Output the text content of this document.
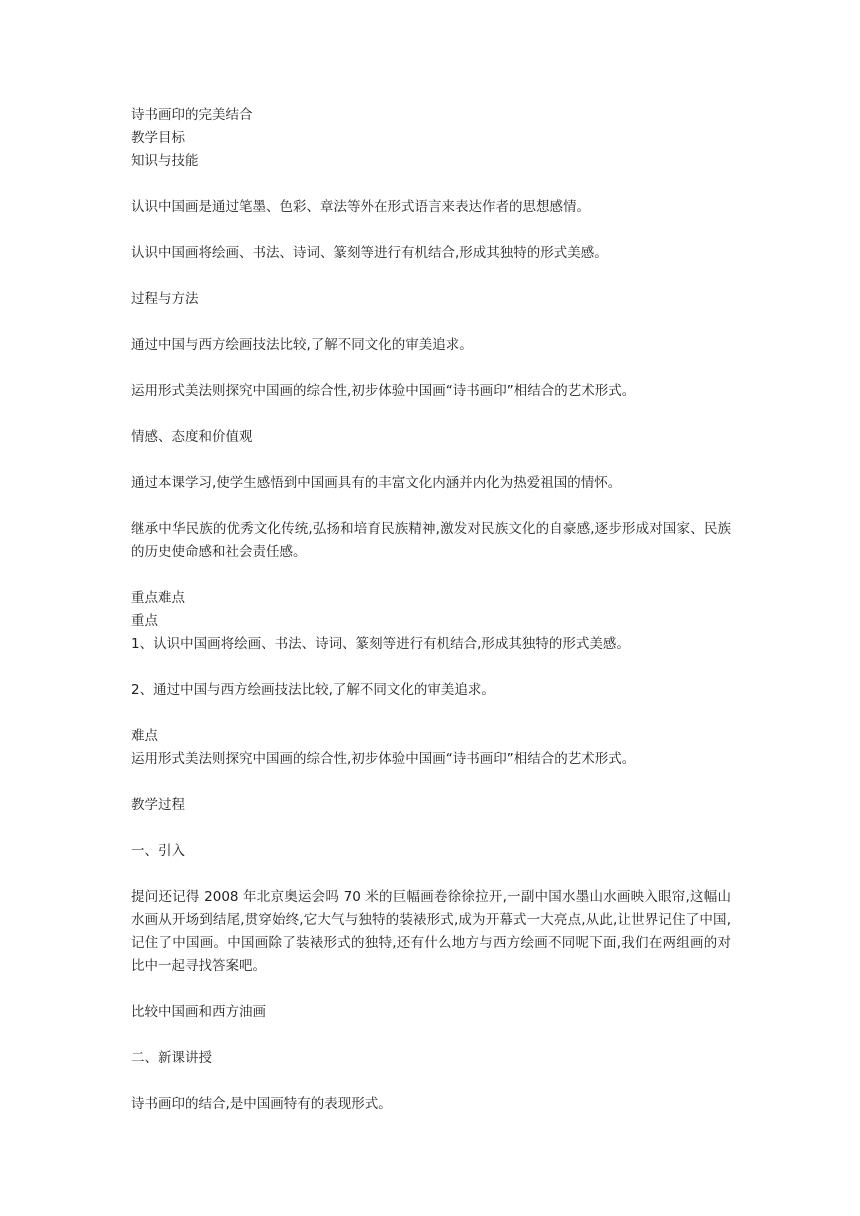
诗书画印的完美结合

教学目标

知识与技能

认识中国画是通过笔墨、色彩、章法等外在形式语言来表达作者的思想感情。

认识中国画将绘画、书法、诗词、篆刻等进行有机结合,形成其独特的形式美感。

过程与方法

通过中国与西方绘画技法比较,了解不同文化的审美追求。

运用形式美法则探究中国画的综合性,初步体验中国画“诗书画印”相结合的艺术形式。

情感、态度和价值观

通过本课学习,使学生感悟到中国画具有的丰富文化内涵并内化为热爱祖国的情怀。

继承中华民族的优秀文化传统,弘扬和培育民族精神,激发对民族文化的自豪感,逐步形成对国家、民族的历史使命感和社会责任感。

重点难点

重点

1、认识中国画将绘画、书法、诗词、篆刻等进行有机结合,形成其独特的形式美感。

2、通过中国与西方绘画技法比较,了解不同文化的审美追求。

难点

运用形式美法则探究中国画的综合性,初步体验中国画“诗书画印”相结合的艺术形式。

教学过程

一、引入

提问还记得 2008 年北京奥运会吗 70 米的巨幅画卷徐徐拉开,一副中国水墨山水画映入眼帘,这幅山水画从开场到结尾,贯穿始终,它大气与独特的装裱形式,成为开幕式一大亮点,从此,让世界记住了中国,记住了中国画。中国画除了装裱形式的独特,还有什么地方与西方绘画不同呢下面,我们在两组画的对比中一起寻找答案吧。

比较中国画和西方油画

二、新课讲授

诗书画印的结合,是中国画特有的表现形式。
